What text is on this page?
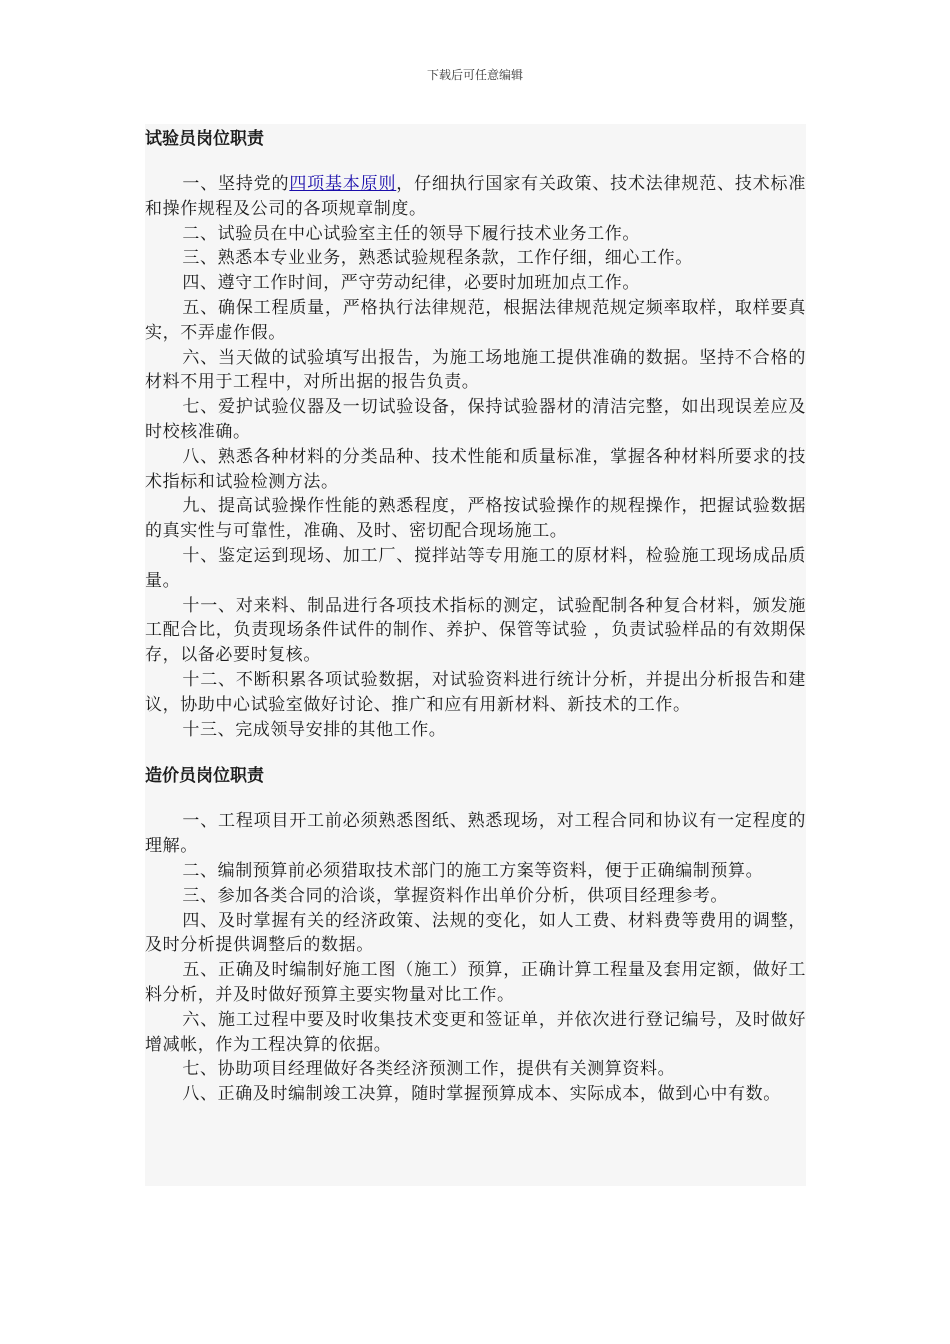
下载后可任意编辑
试验员岗位职责

一、坚持党的四项基本原则，仔细执行国家有关政策、技术法律规范、技术标准和操作规程及公司的各项规章制度。

二、试验员在中心试验室主任的领导下履行技术业务工作。

三、熟悉本专业业务，熟悉试验规程条款，工作仔细，细心工作。

四、遵守工作时间，严守劳动纪律，必要时加班加点工作。

五、确保工程质量，严格执行法律规范，根据法律规范规定频率取样，取样要真实，不弄虚作假。

六、当天做的试验填写出报告，为施工场地施工提供准确的数据。坚持不合格的材料不用于工程中，对所出据的报告负责。

七、爱护试验仪器及一切试验设备，保持试验器材的清洁完整，如出现误差应及时校核准确。

八、熟悉各种材料的分类品种、技术性能和质量标准，掌握各种材料所要求的技术指标和试验检测方法。

九、提高试验操作性能的熟悉程度，严格按试验操作的规程操作，把握试验数据的真实性与可靠性，准确、及时、密切配合现场施工。

十、鉴定运到现场、加工厂、搅拌站等专用施工的原材料，检验施工现场成品质量。

十一、对来料、制品进行各项技术指标的测定，试验配制各种复合材料，颁发施工配合比，负责现场条件试件的制作、养护、保管等试验 ，负责试验样品的有效期保存，以备必要时复核。

十二、不断积累各项试验数据，对试验资料进行统计分析，并提出分析报告和建议，协助中心试验室做好讨论、推广和应有用新材料、新技术的工作。

十三、完成领导安排的其他工作。

造价员岗位职责

一、工程项目开工前必须熟悉图纸、熟悉现场，对工程合同和协议有一定程度的理解。

二、编制预算前必须猎取技术部门的施工方案等资料，便于正确编制预算。

三、参加各类合同的洽谈，掌握资料作出单价分析，供项目经理参考。

四、及时掌握有关的经济政策、法规的变化，如人工费、材料费等费用的调整，及时分析提供调整后的数据。

五、正确及时编制好施工图（施工）预算，正确计算工程量及套用定额，做好工料分析，并及时做好预算主要实物量对比工作。

六、施工过程中要及时收集技术变更和签证单，并依次进行登记编号，及时做好增减帐，作为工程决算的依据。

七、协助项目经理做好各类经济预测工作，提供有关测算资料。

八、正确及时编制竣工决算，随时掌握预算成本、实际成本，做到心中有数。
